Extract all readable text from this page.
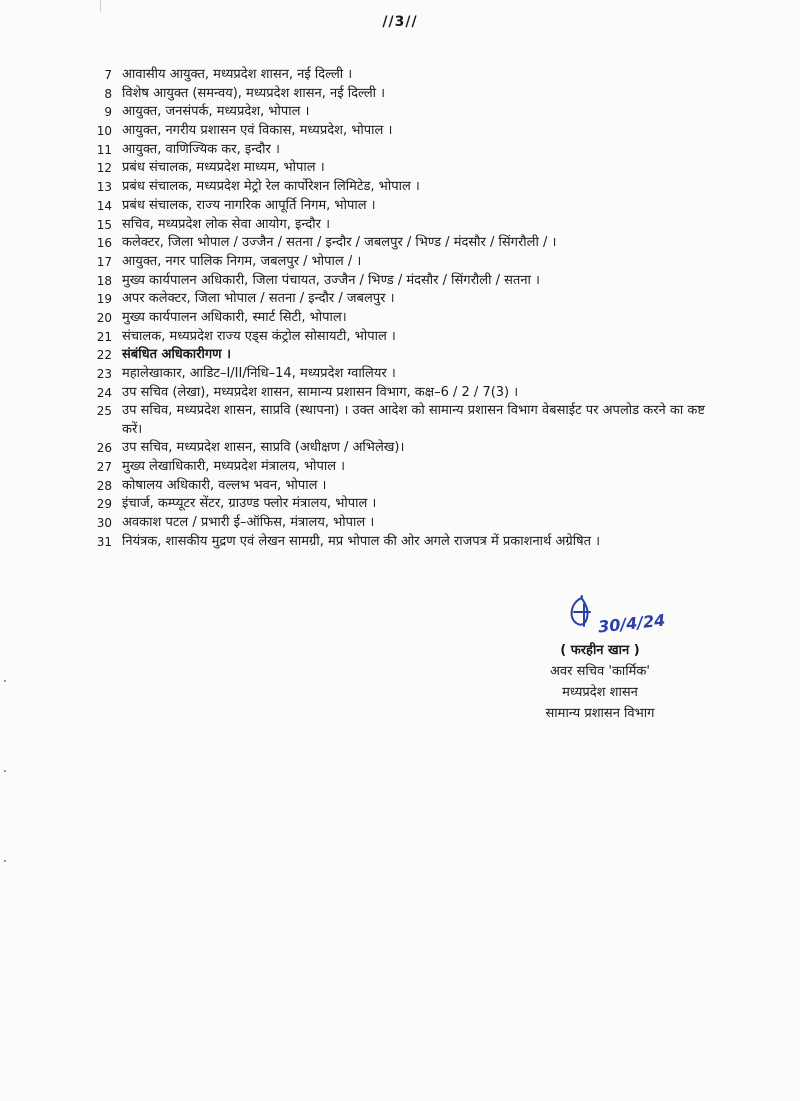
//3//
7 आवासीय आयुक्त, मध्यप्रदेश शासन, नई दिल्ली ।
8 विशेष आयुक्त (समन्वय), मध्यप्रदेश शासन, नई दिल्ली ।
9 आयुक्त, जनसंपर्क, मध्यप्रदेश, भोपाल ।
10 आयुक्त, नगरीय प्रशासन एवं विकास, मध्यप्रदेश, भोपाल ।
11 आयुक्त, वाणिज्यिक कर, इन्दौर ।
12 प्रबंध संचालक, मध्यप्रदेश माध्यम, भोपाल ।
13 प्रबंध संचालक, मध्यप्रदेश मेट्रो रेल कार्पोरेशन लिमिटेड, भोपाल ।
14 प्रबंध संचालक, राज्य नागरिक आपूर्ति निगम, भोपाल ।
15 सचिव, मध्यप्रदेश लोक सेवा आयोग, इन्दौर ।
16 कलेक्टर, जिला भोपाल / उज्जैन / सतना / इन्दौर / जबलपुर / भिण्ड / मंदसौर / सिंगरौली / ।
17 आयुक्त, नगर पालिक निगम, जबलपुर / भोपाल / ।
18 मुख्य कार्यपालन अधिकारी, जिला पंचायत, उज्जैन / भिण्ड / मंदसौर / सिंगरौली / सतना ।
19 अपर कलेक्टर, जिला भोपाल / सतना / इन्दौर / जबलपुर ।
20 मुख्य कार्यपालन अधिकारी, स्मार्ट सिटी, भोपाल।
21 संचालक, मध्यप्रदेश राज्य एड्स कंट्रोल सोसायटी, भोपाल ।
22 संबंधित अधिकारीगण ।
23 महालेखाकार, आडिट–I/II/निधि–14, मध्यप्रदेश ग्वालियर ।
24 उप सचिव (लेखा), मध्यप्रदेश शासन, सामान्य प्रशासन विभाग, कक्ष–6 / 2 / 7(3) ।
25 उप सचिव, मध्यप्रदेश शासन, साप्रवि (स्थापना) । उक्त आदेश को सामान्य प्रशासन विभाग वेबसाईट पर अपलोड करने का कष्ट करें।
26 उप सचिव, मध्यप्रदेश शासन, साप्रवि (अधीक्षण / अभिलेख)।
27 मुख्य लेखाधिकारी, मध्यप्रदेश मंत्रालय, भोपाल ।
28 कोषालय अधिकारी, वल्लभ भवन, भोपाल ।
29 इंचार्ज, कम्प्यूटर सेंटर, ग्राउण्ड फ्लोर मंत्रालय, भोपाल ।
30 अवकाश पटल / प्रभारी ई–ऑफिस, मंत्रालय, भोपाल ।
31 नियंत्रक, शासकीय मुद्रण एवं लेखन सामग्री, मप्र भोपाल की ओर अगले राजपत्र में प्रकाशनार्थ अग्रेषित ।
30/4/24
( फरहीन खान )
अवर सचिव 'कार्मिक'
मध्यप्रदेश शासन
सामान्य प्रशासन विभाग
